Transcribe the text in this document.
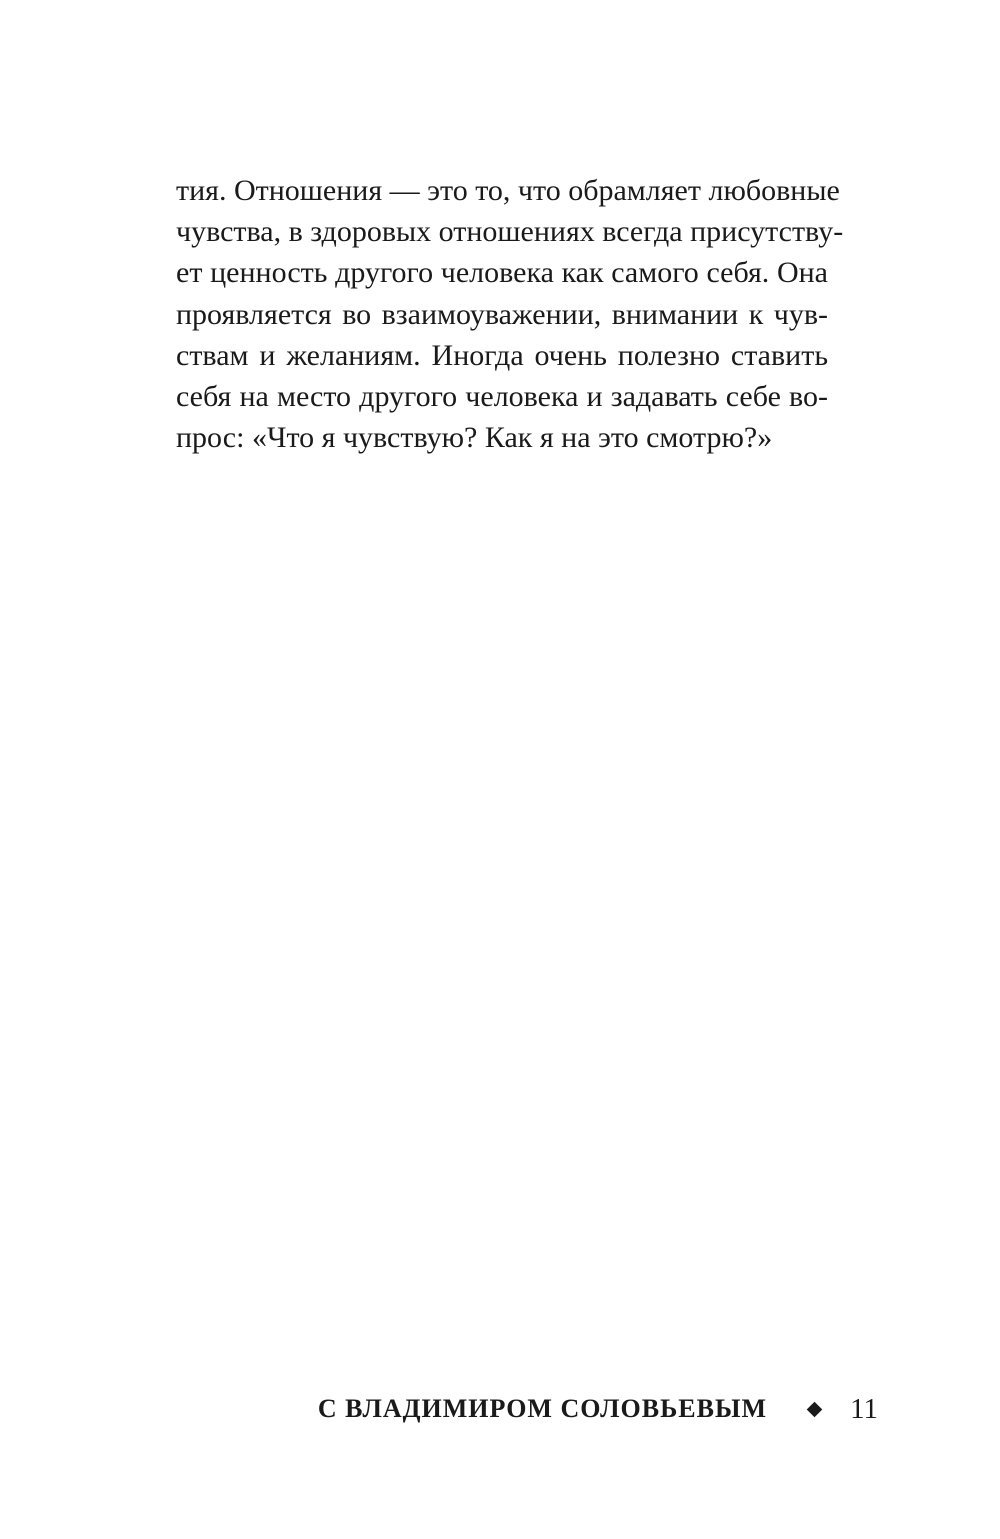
тия. Отношения — это то, что обрамляет любовные
чувства, в здоровых отношениях всегда присутству-
ет ценность другого человека как самого себя. Она
проявляется во взаимоуважении, внимании к чув-
ствам и желаниям. Иногда очень полезно ставить
себя на место другого человека и задавать себе во-
прос: «Что я чувствую? Как я на это смотрю?»
С ВЛАДИМИРОМ СОЛОВЬЕВЫМ	11
